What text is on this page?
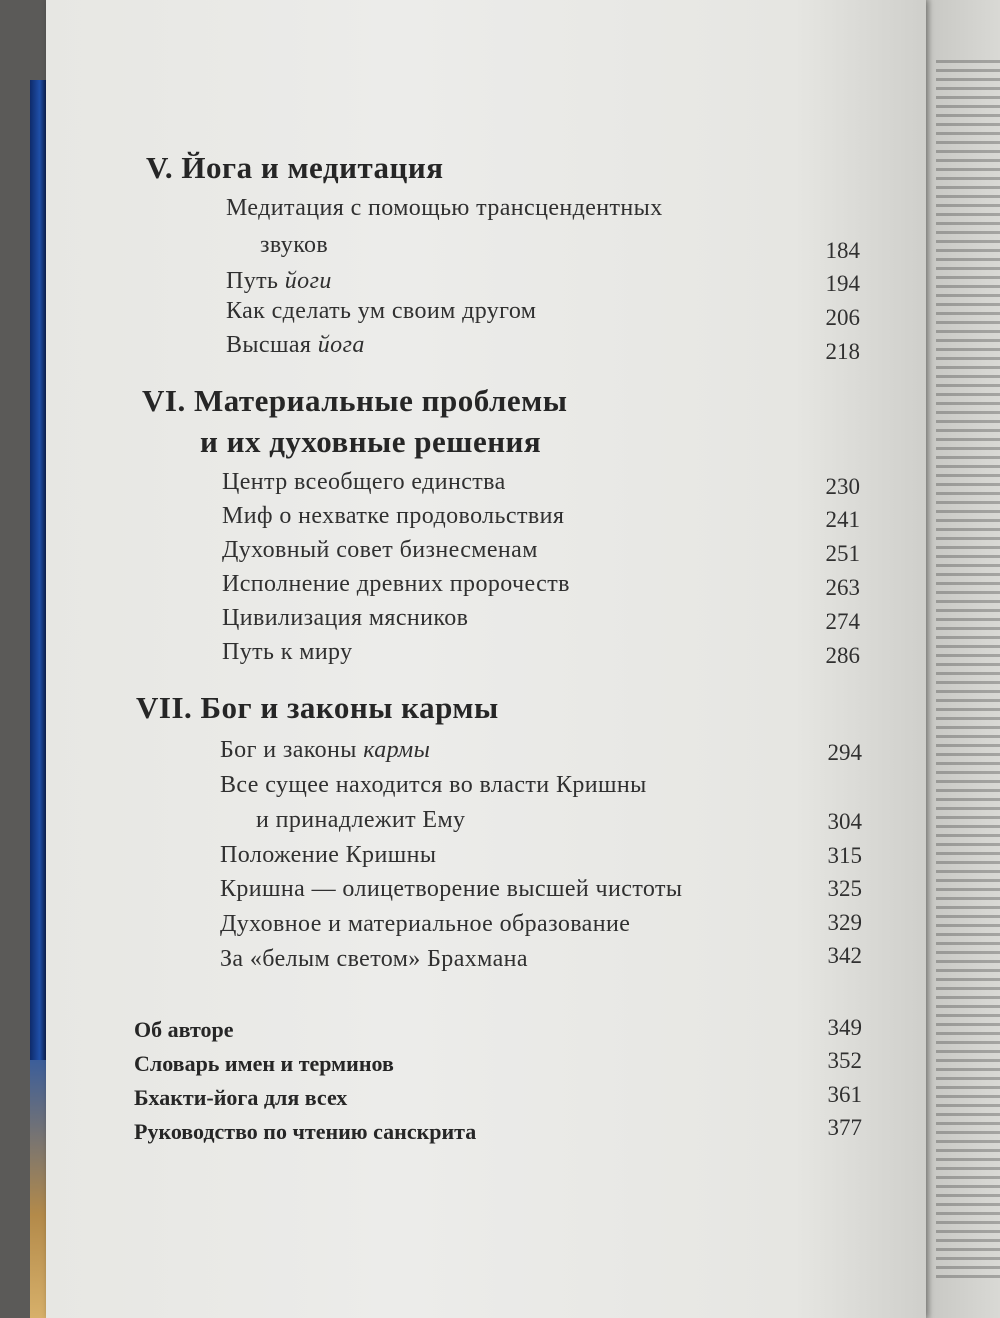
V. Йога и медитация
Медитация с помощью трансцендентных
звуков	184
Путь йоги	194
Как сделать ум своим другом	206
Высшая йога	218
VI. Материальные проблемы
и их духовные решения
Центр всеобщего единства	230
Миф о нехватке продовольствия	241
Духовный совет бизнесменам	251
Исполнение древних пророчеств	263
Цивилизация мясников	274
Путь к миру	286
VII. Бог и законы кармы
Бог и законы кармы	294
Все сущее находится во власти Кришны
и принадлежит Ему	304
Положение Кришны	315
Кришна — олицетворение высшей чистоты	325
Духовное и материальное образование	329
За «белым светом» Брахмана	342
Об авторе	349
Словарь имен и терминов	352
Бхакти-йога для всех	361
Руководство по чтению санскрита	377
